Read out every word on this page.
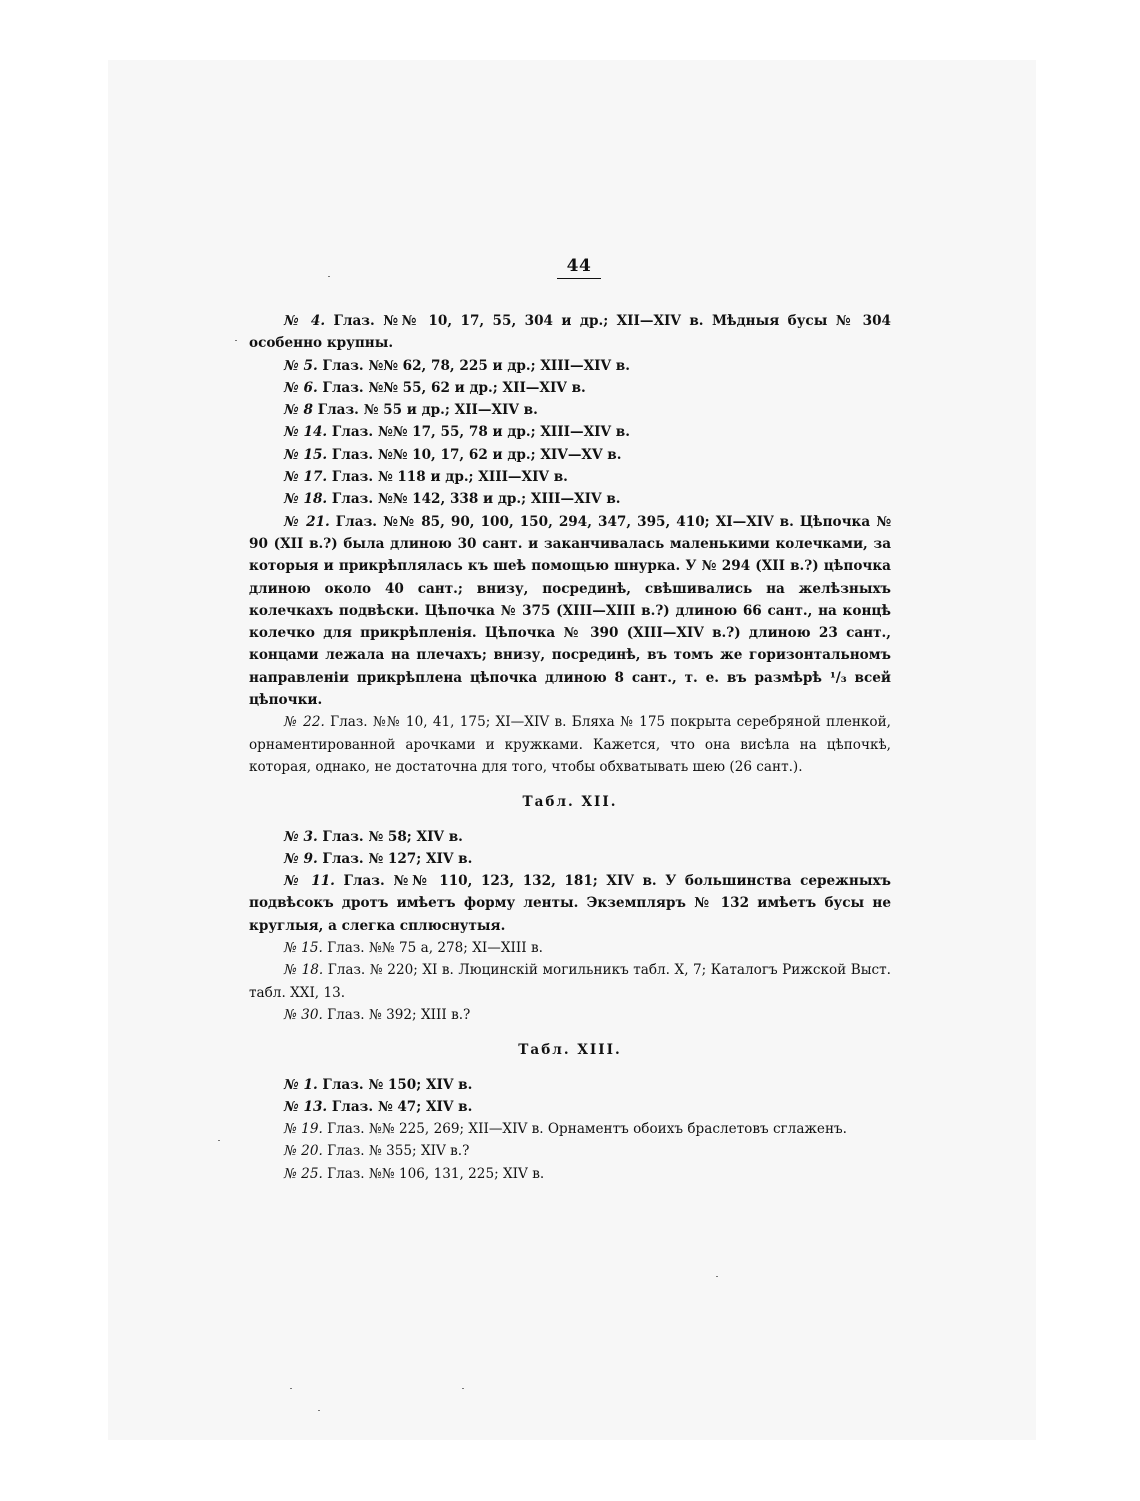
44

№ 4. Глаз. №№ 10, 17, 55, 304 и др.; XII—XIV в. Мѣдныя бусы № 304 особенно крупны.

№ 5. Глаз. №№ 62, 78, 225 и др.; XIII—XIV в.

№ 6. Глаз. №№ 55, 62 и др.; XII—XIV в.

№ 8 Глаз. № 55 и др.; XII—XIV в.

№ 14. Глаз. №№ 17, 55, 78 и др.; XIII—XIV в.

№ 15. Глаз. №№ 10, 17, 62 и др.; XIV—XV в.

№ 17. Глаз. № 118 и др.; XIII—XIV в.

№ 18. Глаз. №№ 142, 338 и др.; XIII—XIV в.

№ 21. Глаз. №№ 85, 90, 100, 150, 294, 347, 395, 410; XI—XIV в. Цѣпочка № 90 (XII в.?) была длиною 30 сант. и заканчивалась маленькими колечками, за которыя и прикрѣплялась къ шеѣ помощью шнурка. У № 294 (XII в.?) цѣпочка длиною около 40 сант.; внизу, посрединѣ, свѣшивались на желѣзныхъ колечкахъ подвѣски. Цѣпочка № 375 (XIII—XIII в.?) длиною 66 сант., на концѣ колечко для прикрѣпленія. Цѣпочка № 390 (XIII—XIV в.?) длиною 23 сант., концами лежала на плечахъ; внизу, посрединѣ, въ томъ же горизонтальномъ направленіи прикрѣплена цѣпочка длиною 8 сант., т. е. въ размѣрѣ ¹/₃ всей цѣпочки.

№ 22. Глаз. №№ 10, 41, 175; XI—XIV в. Бляха № 175 покрыта серебряной пленкой, орнаментированной арочками и кружками. Кажется, что она висѣла на цѣпочкѣ, которая, однако, не достаточна для того, чтобы обхватывать шею (26 сант.).

Табл. XII.

№ 3. Глаз. № 58; XIV в.

№ 9. Глаз. № 127; XIV в.

№ 11. Глаз. №№ 110, 123, 132, 181; XIV в. У большинства сережныхъ подвѣсокъ дротъ имѣетъ форму ленты. Экземпляръ № 132 имѣетъ бусы не круглыя, а слегка сплюснутыя.

№ 15. Глаз. №№ 75 а, 278; XI—XIII в.

№ 18. Глаз. № 220; XI в. Люцинскій могильникъ табл. X, 7; Каталогъ Рижской Выст. табл. XXI, 13.

№ 30. Глаз. № 392; XIII в.?

Табл. XIII.

№ 1. Глаз. № 150; XIV в.

№ 13. Глаз. № 47; XIV в.

№ 19. Глаз. №№ 225, 269; XII—XIV в. Орнаментъ обоихъ браслетовъ сглаженъ.

№ 20. Глаз. № 355; XIV в.?

№ 25. Глаз. №№ 106, 131, 225; XIV в.
